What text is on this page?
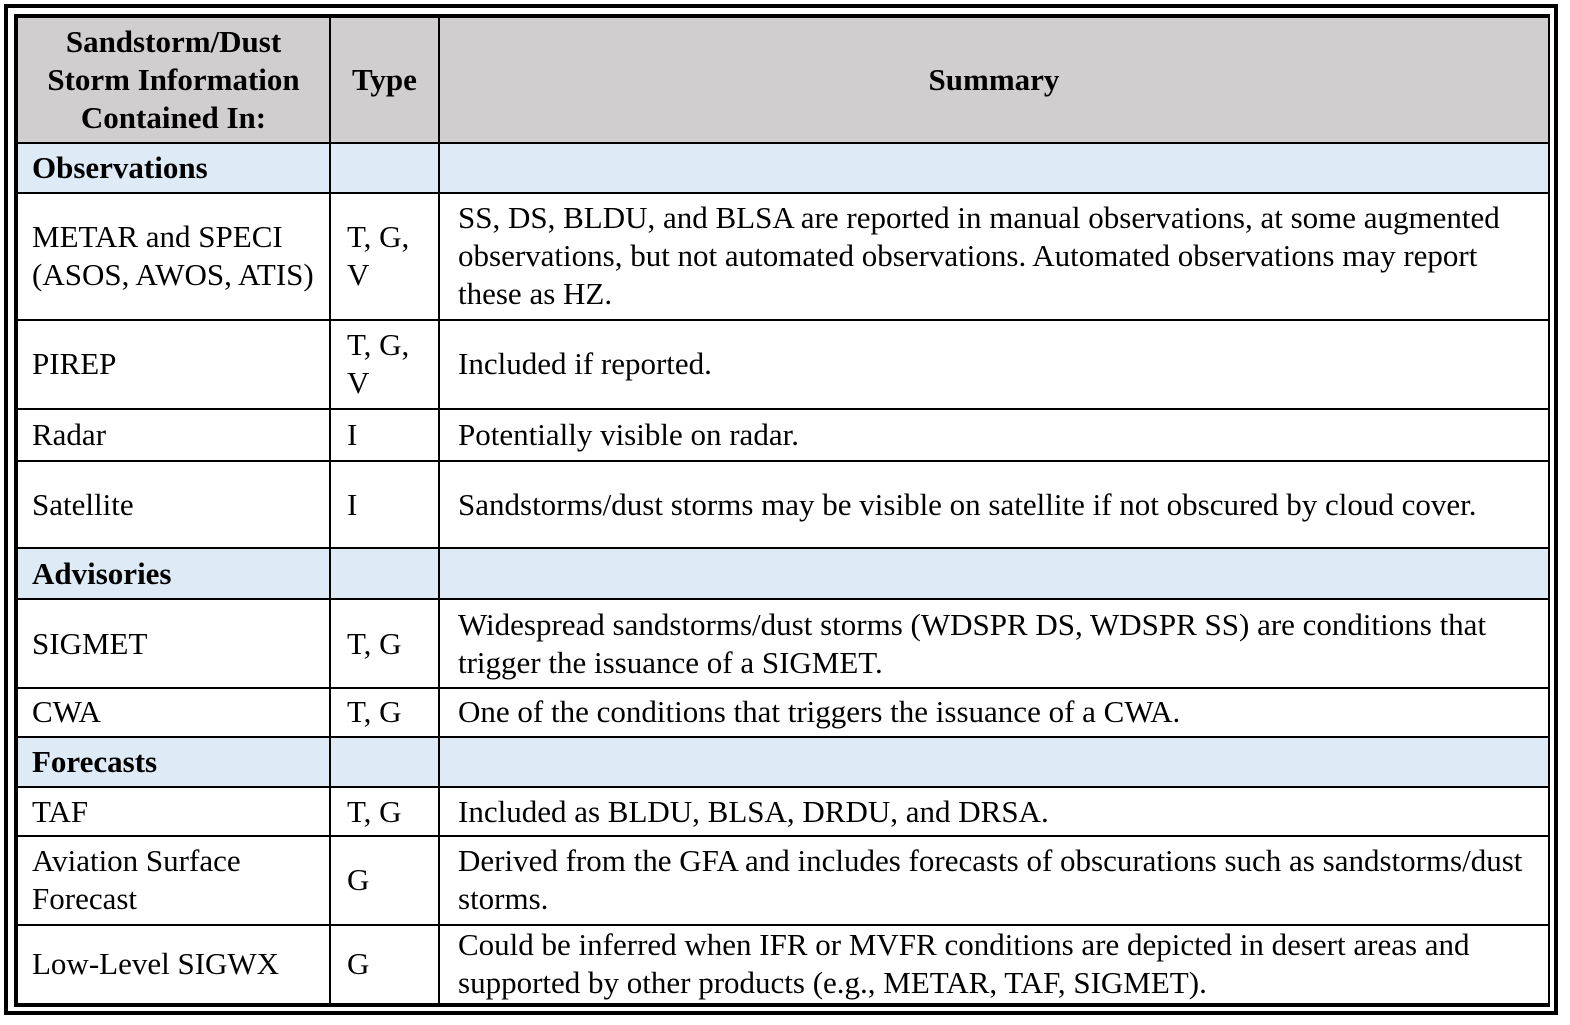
Sandstorm/Dust Storm Information Contained In:	Type	Summary
Observations		
METAR and SPECI (ASOS, AWOS, ATIS)	T, G, V	SS, DS, BLDU, and BLSA are reported in manual observations, at some augmented observations, but not automated observations. Automated observations may report these as HZ.
PIREP	T, G, V	Included if reported.
Radar	I	Potentially visible on radar.
Satellite	I	Sandstorms/dust storms may be visible on satellite if not obscured by cloud cover.
Advisories		
SIGMET	T, G	Widespread sandstorms/dust storms (WDSPR DS, WDSPR SS) are conditions that trigger the issuance of a SIGMET.
CWA	T, G	One of the conditions that triggers the issuance of a CWA.
Forecasts		
TAF	T, G	Included as BLDU, BLSA, DRDU, and DRSA.
Aviation Surface Forecast	G	Derived from the GFA and includes forecasts of obscurations such as sandstorms/dust storms.
Low-Level SIGWX	G	Could be inferred when IFR or MVFR conditions are depicted in desert areas and supported by other products (e.g., METAR, TAF, SIGMET).
